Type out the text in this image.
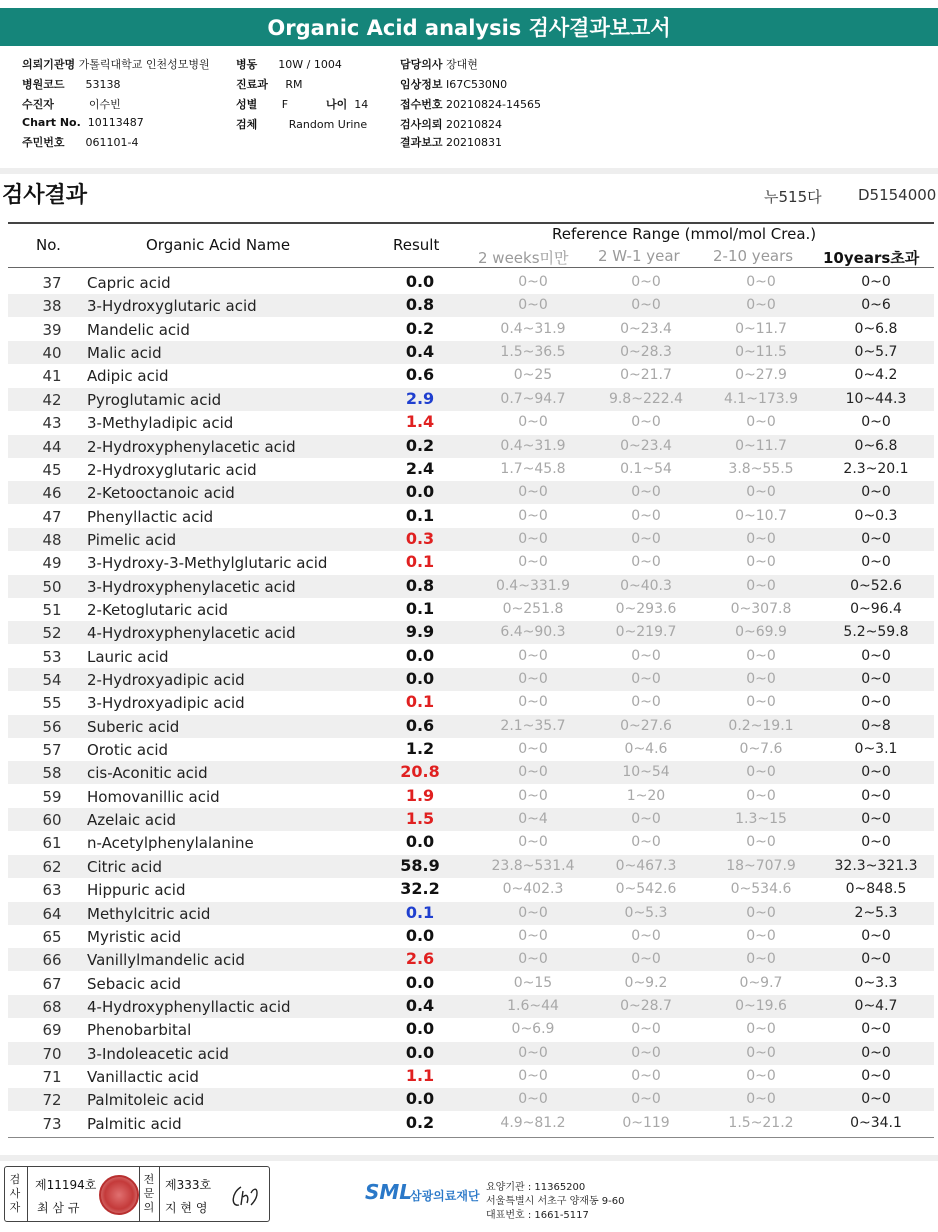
Organic Acid analysis 검사결과보고서
의뢰기관명 가톨릭대학교 인천성모병원
병원코드 53138
수진자	이수빈
Chart No. 10113487
주민번호 061101-4
병동 10W / 1004
진료과 RM
성별 F	나이 14
검체	Random Urine
담당의사 장대현
임상정보 I67C530N0
접수번호 20210824-14565
검사의뢰 20210824
결과보고 20210831
검사결과	누515다 D5154000
No.	Organic Acid Name	Result
Reference Range (mmol/mol Crea.)
2 weeks미만 2 W-1 year 2-10 years 10years초과
37	Capric acid	0.0	0~0	0~0	0~0	0~0
38	3-Hydroxyglutaric acid	0.8	0~0	0~0	0~0	0~6
39	Mandelic acid	0.2	0.4~31.9	0~23.4	0~11.7	0~6.8
40	Malic acid	0.4	1.5~36.5	0~28.3	0~11.5	0~5.7
41	Adipic acid	0.6	0~25	0~21.7	0~27.9	0~4.2
42	Pyroglutamic acid	2.9	0.7~94.7	9.8~222.4	4.1~173.9	10~44.3
43	3-Methyladipic acid	1.4	0~0	0~0	0~0	0~0
44	2-Hydroxyphenylacetic acid	0.2	0.4~31.9	0~23.4	0~11.7	0~6.8
45	2-Hydroxyglutaric acid	2.4	1.7~45.8	0.1~54	3.8~55.5	2.3~20.1
46	2-Ketooctanoic acid	0.0	0~0	0~0	0~0	0~0
47	Phenyllactic acid	0.1	0~0	0~0	0~10.7	0~0.3
48	Pimelic acid	0.3	0~0	0~0	0~0	0~0
49	3-Hydroxy-3-Methylglutaric acid	0.1	0~0	0~0	0~0	0~0
50	3-Hydroxyphenylacetic acid	0.8	0.4~331.9	0~40.3	0~0	0~52.6
51	2-Ketoglutaric acid	0.1	0~251.8	0~293.6	0~307.8	0~96.4
52	4-Hydroxyphenylacetic acid	9.9	6.4~90.3	0~219.7	0~69.9	5.2~59.8
53	Lauric acid	0.0	0~0	0~0	0~0	0~0
54	2-Hydroxyadipic acid	0.0	0~0	0~0	0~0	0~0
55	3-Hydroxyadipic acid	0.1	0~0	0~0	0~0	0~0
56	Suberic acid	0.6	2.1~35.7	0~27.6	0.2~19.1	0~8
57	Orotic acid	1.2	0~0	0~4.6	0~7.6	0~3.1
58	cis-Aconitic acid	20.8	0~0	10~54	0~0	0~0
59	Homovanillic acid	1.9	0~0	1~20	0~0	0~0
60	Azelaic acid	1.5	0~4	0~0	1.3~15	0~0
61	n-Acetylphenylalanine	0.0	0~0	0~0	0~0	0~0
62	Citric acid	58.9	23.8~531.4	0~467.3	18~707.9	32.3~321.3
63	Hippuric acid	32.2	0~402.3	0~542.6	0~534.6	0~848.5
64	Methylcitric acid	0.1	0~0	0~5.3	0~0	2~5.3
65	Myristic acid	0.0	0~0	0~0	0~0	0~0
66	Vanillylmandelic acid	2.6	0~0	0~0	0~0	0~0
67	Sebacic acid	0.0	0~15	0~9.2	0~9.7	0~3.3
68	4-Hydroxyphenyllactic acid	0.4	1.6~44	0~28.7	0~19.6	0~4.7
69	Phenobarbital	0.0	0~6.9	0~0	0~0	0~0
70	3-Indoleacetic acid	0.0	0~0	0~0	0~0	0~0
71	Vanillactic acid	1.1	0~0	0~0	0~0	0~0
72	Palmitoleic acid	0.0	0~0	0~0	0~0	0~0
73	Palmitic acid	0.2	4.9~81.2	0~119	1.5~21.2	0~34.1
검사자
제11194호
최 삼 규
전문의
제333호
지 현 영
SML
삼광의료재단
요양기관 : 11365200
서울특별시 서초구 양재동 9-60
대표번호 : 1661-5117
